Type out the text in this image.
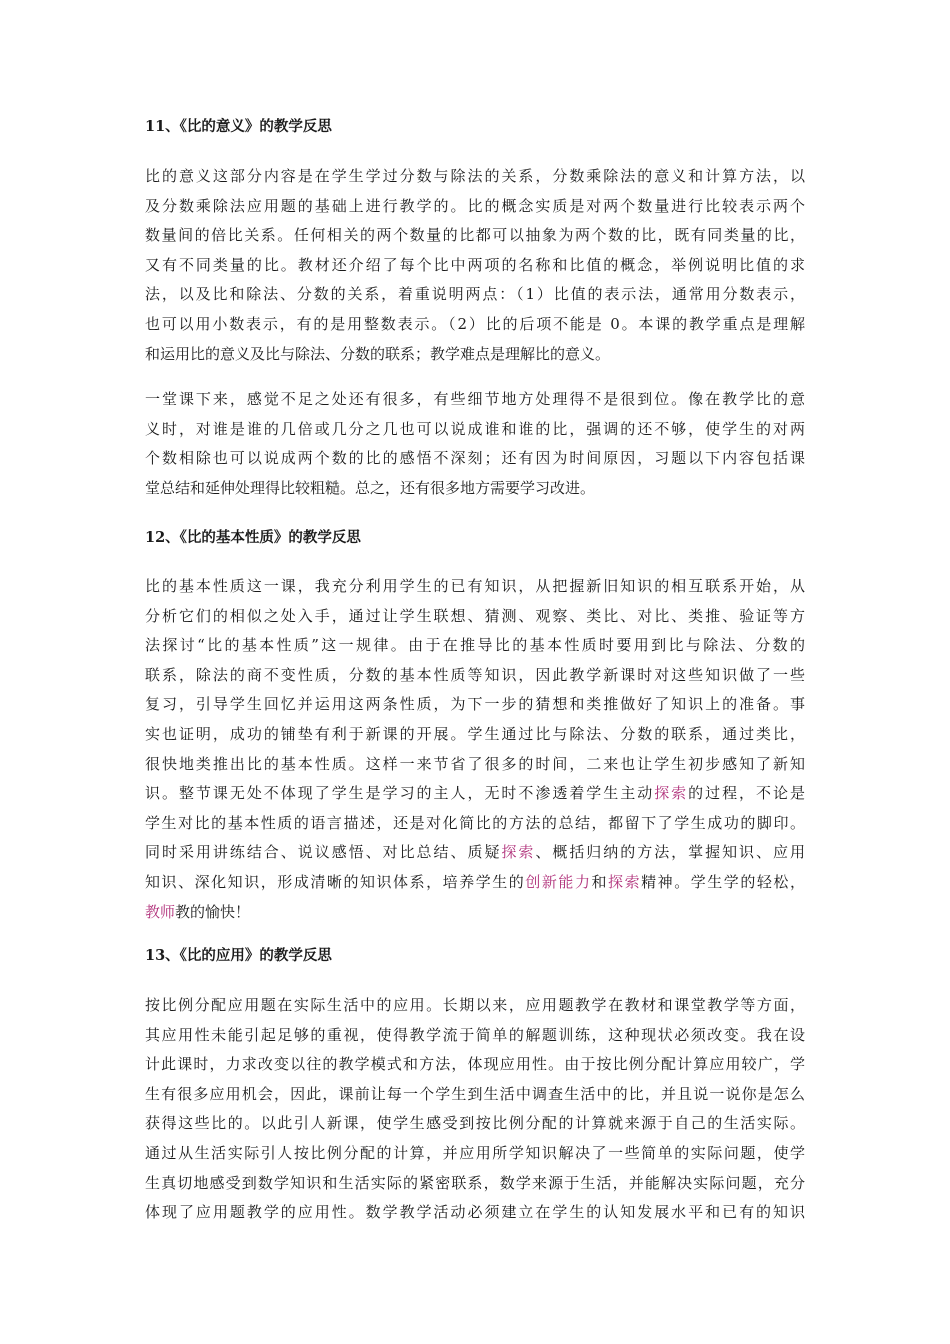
11、《比的意义》的教学反思
比的意义这部分内容是在学生学过分数与除法的关系，分数乘除法的意义和计算方法，以
及分数乘除法应用题的基础上进行教学的。比的概念实质是对两个数量进行比较表示两个
数量间的倍比关系。任何相关的两个数量的比都可以抽象为两个数的比，既有同类量的比，
又有不同类量的比。教材还介绍了每个比中两项的名称和比值的概念，举例说明比值的求
法，以及比和除法、分数的关系，着重说明两点：（1）比值的表示法，通常用分数表示，
也可以用小数表示，有的是用整数表示。（2）比的后项不能是 0。本课的教学重点是理解
和运用比的意义及比与除法、分数的联系；教学难点是理解比的意义。
一堂课下来，感觉不足之处还有很多，有些细节地方处理得不是很到位。像在教学比的意
义时，对谁是谁的几倍或几分之几也可以说成谁和谁的比，强调的还不够，使学生的对两
个数相除也可以说成两个数的比的感悟不深刻；还有因为时间原因，习题以下内容包括课
堂总结和延伸处理得比较粗糙。总之，还有很多地方需要学习改进。
12、《比的基本性质》的教学反思
比的基本性质这一课，我充分利用学生的已有知识，从把握新旧知识的相互联系开始，从
分析它们的相似之处入手，通过让学生联想、猜测、观察、类比、对比、类推、验证等方
法探讨“比的基本性质”这一规律。由于在推导比的基本性质时要用到比与除法、分数的
联系，除法的商不变性质，分数的基本性质等知识，因此教学新课时对这些知识做了一些
复习，引导学生回忆并运用这两条性质，为下一步的猜想和类推做好了知识上的准备。事
实也证明，成功的铺垫有利于新课的开展。学生通过比与除法、分数的联系，通过类比，
很快地类推出比的基本性质。这样一来节省了很多的时间，二来也让学生初步感知了新知
识。整节课无处不体现了学生是学习的主人，无时不渗透着学生主动探索的过程，不论是
学生对比的基本性质的语言描述，还是对化简比的方法的总结，都留下了学生成功的脚印。
同时采用讲练结合、说议感悟、对比总结、质疑探索、概括归纳的方法，掌握知识、应用
知识、深化知识，形成清晰的知识体系，培养学生的创新能力和探索精神。学生学的轻松，
教师教的愉快！
13、《比的应用》的教学反思
按比例分配应用题在实际生活中的应用。长期以来，应用题教学在教材和课堂教学等方面，
其应用性未能引起足够的重视，使得教学流于简单的解题训练，这种现状必须改变。我在设
计此课时，力求改变以往的教学模式和方法，体现应用性。由于按比例分配计算应用较广，学
生有很多应用机会，因此，课前让每一个学生到生活中调查生活中的比，并且说一说你是怎么
获得这些比的。以此引人新课，使学生感受到按比例分配的计算就来源于自己的生活实际。
通过从生活实际引人按比例分配的计算，并应用所学知识解决了一些简单的实际问题，使学
生真切地感受到数学知识和生活实际的紧密联系，数学来源于生活，并能解决实际问题，充分
体现了应用题教学的应用性。数学教学活动必须建立在学生的认知发展水平和已有的知识
